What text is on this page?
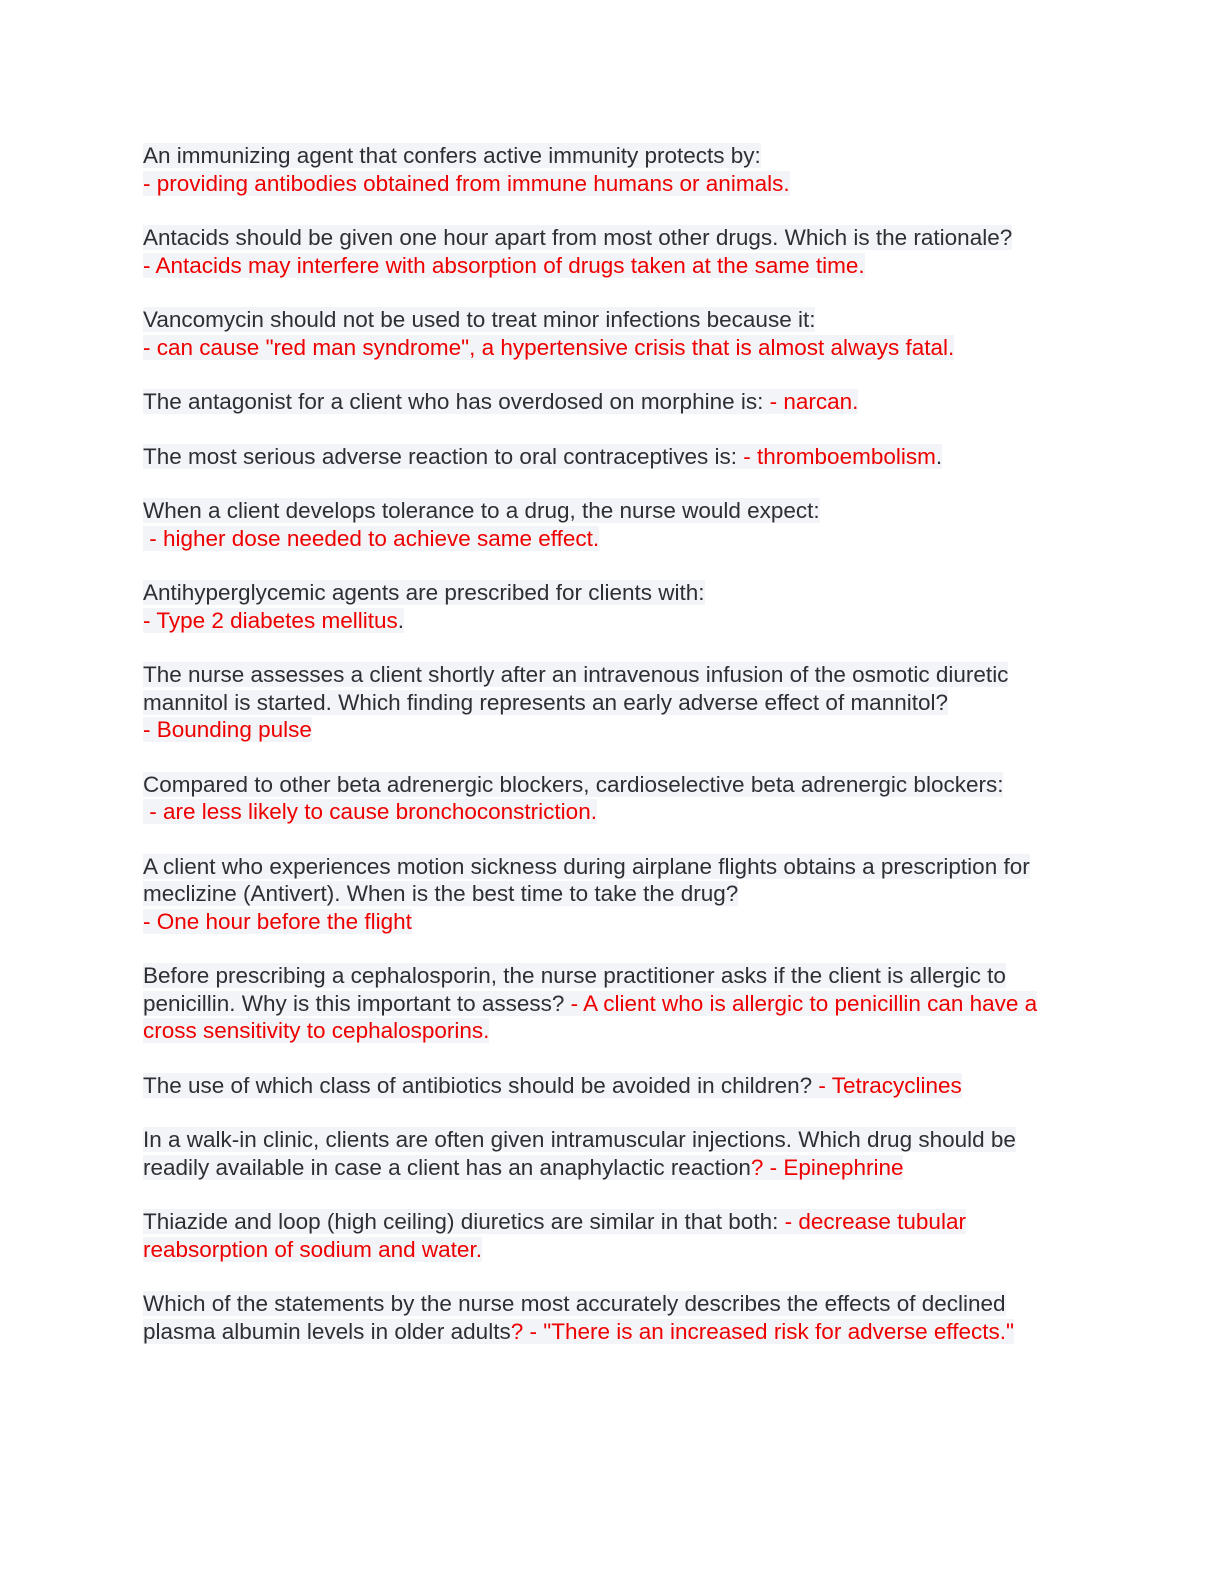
An immunizing agent that confers active immunity protects by:
- providing antibodies obtained from immune humans or animals.

Antacids should be given one hour apart from most other drugs. Which is the rationale?
- Antacids may interfere with absorption of drugs taken at the same time.

Vancomycin should not be used to treat minor infections because it:
- can cause "red man syndrome", a hypertensive crisis that is almost always fatal.

The antagonist for a client who has overdosed on morphine is: - narcan.

The most serious adverse reaction to oral contraceptives is: - thromboembolism.

When a client develops tolerance to a drug, the nurse would expect:
- higher dose needed to achieve same effect.

Antihyperglycemic agents are prescribed for clients with:
- Type 2 diabetes mellitus.

The nurse assesses a client shortly after an intravenous infusion of the osmotic diuretic mannitol is started. Which finding represents an early adverse effect of mannitol?
- Bounding pulse

Compared to other beta adrenergic blockers, cardioselective beta adrenergic blockers:
- are less likely to cause bronchoconstriction.

A client who experiences motion sickness during airplane flights obtains a prescription for meclizine (Antivert). When is the best time to take the drug?
- One hour before the flight

Before prescribing a cephalosporin, the nurse practitioner asks if the client is allergic to penicillin. Why is this important to assess? - A client who is allergic to penicillin can have a cross sensitivity to cephalosporins.

The use of which class of antibiotics should be avoided in children? - Tetracyclines

In a walk-in clinic, clients are often given intramuscular injections. Which drug should be readily available in case a client has an anaphylactic reaction? - Epinephrine

Thiazide and loop (high ceiling) diuretics are similar in that both: - decrease tubular reabsorption of sodium and water.

Which of the statements by the nurse most accurately describes the effects of declined plasma albumin levels in older adults? - "There is an increased risk for adverse effects."
